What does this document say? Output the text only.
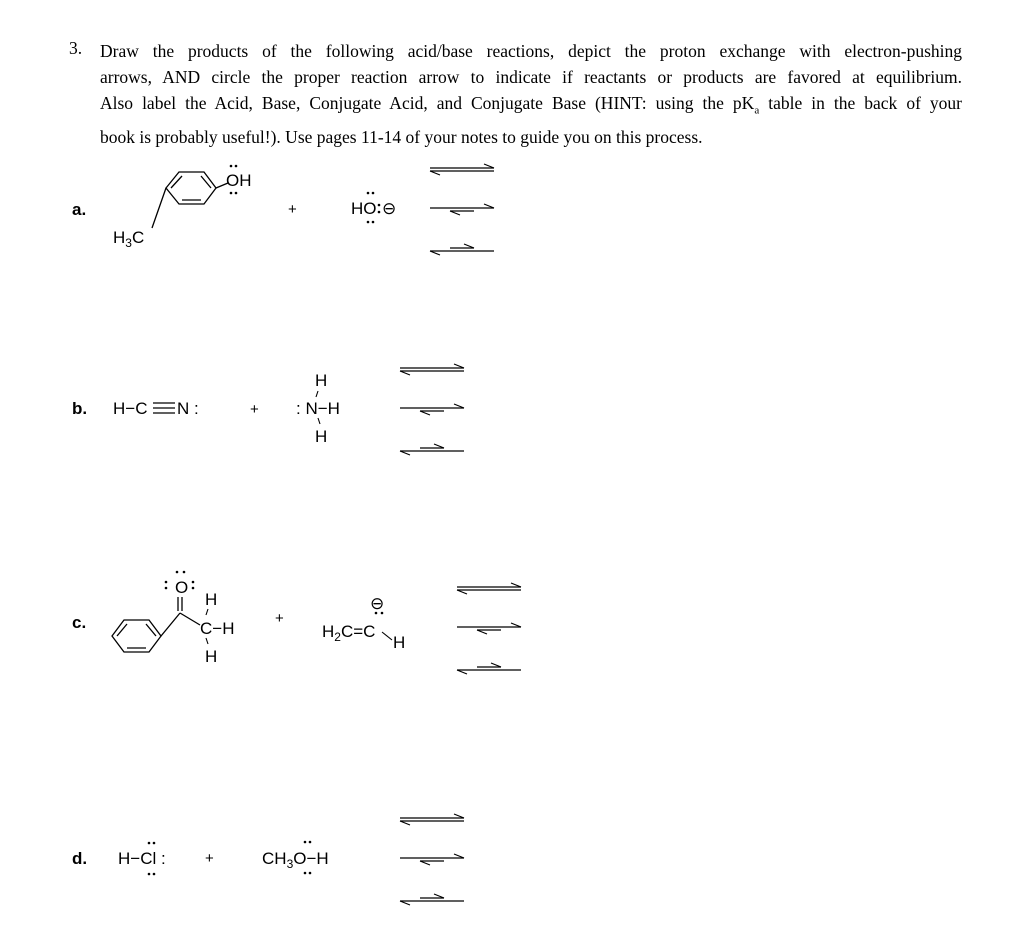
3. Draw the products of the following acid/base reactions, depict the proton exchange with electron-pushing

arrows, AND circle the proper reaction arrow to indicate if reactants or products are favored at equilibrium.

Also label the Acid, Base, Conjugate Acid, and Conjugate Base (HINT: using the $pK_a$ table in the back of your

book is probably useful!). Use pages 11-14 of your notes to guide you on this process.

a.
OH
$H_3C$
+	HO ⊖
b. H−C N :	+
H
: N−H
H
c.
O
H
C−H
H
+
$H_2C=C$
H
⊖
d. H−Cl :	+	$CH_3O-H$
